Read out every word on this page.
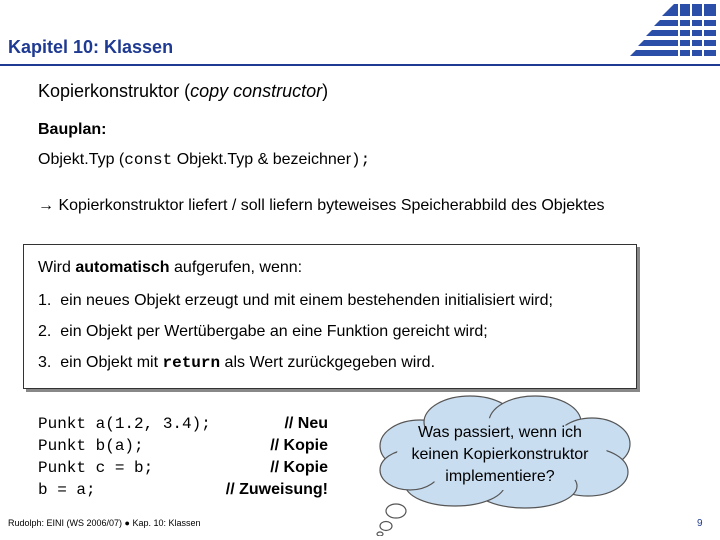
Kapitel 10: Klassen
Kopierkonstruktor (copy constructor)
Bauplan:
Objekt.Typ (const Objekt.Typ & bezeichner);
→ Kopierkonstruktor liefert / soll liefern byteweises Speicherabbild des Objektes
Wird automatisch aufgerufen, wenn:
1. ein neues Objekt erzeugt und mit einem bestehenden initialisiert wird;
2. ein Objekt per Wertübergabe an eine Funktion gereicht wird;
3. ein Objekt mit return als Wert zurückgegeben wird.
Punkt a(1.2, 3.4);	// Neu
Punkt b(a);	// Kopie
Punkt c = b;	// Kopie
b = a;	// Zuweisung!
Was passiert, wenn ich
keinen Kopierkonstruktor
implementiere?
Rudolph: EINI (WS 2006/07) ● Kap. 10: Klassen	9
